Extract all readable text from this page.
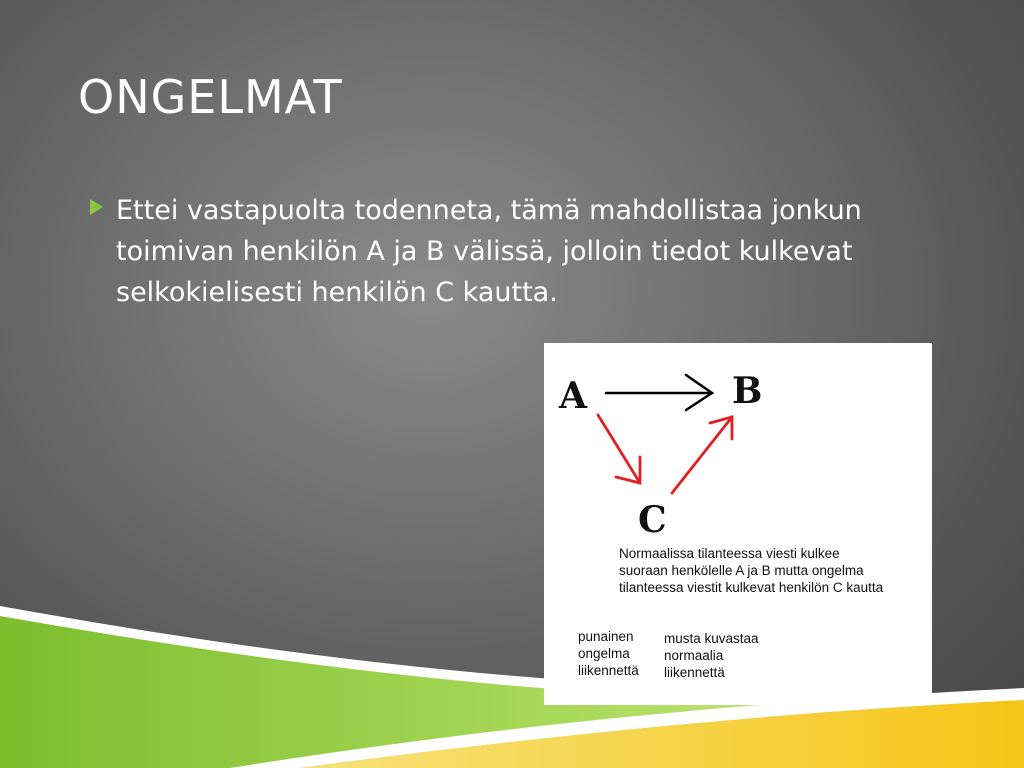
ONGELMAT

Ettei vastapuolta todenneta, tämä mahdollistaa jonkun toimivan henkilön A ja B välissä, jolloin tiedot kulkevat selkokielisesti henkilön C kautta.

A	B
C
Normaalissa tilanteessa viesti kulkee
suoraan henkölelle A ja B mutta ongelma
tilanteessa viestit kulkevat henkilön C kautta
punainen
ongelma
liikennettä
musta kuvastaa
normaalia
liikennettä
